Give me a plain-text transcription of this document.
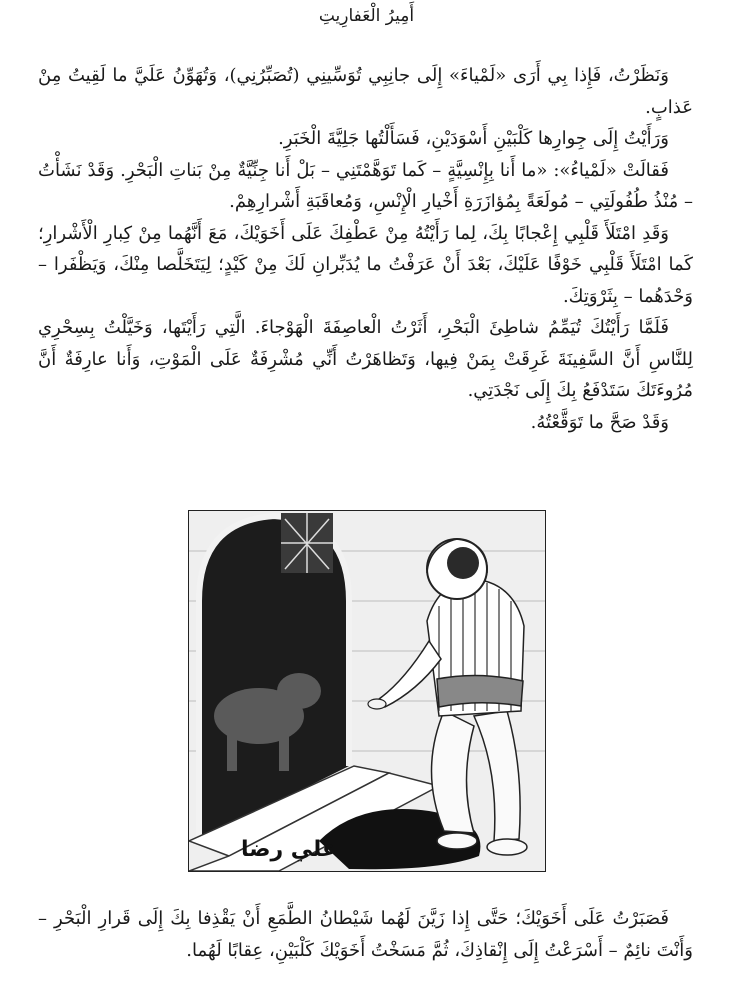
أَمِيرُ الْعَفارِيتِ

وَنَظَرْتُ، فَإِذا بِي أَرَى «لَمْياءَ» إِلَى جانِبِي تُوَسِّينِي (تُصَبِّرُنِي)، وَتُهَوِّنُ عَلَيَّ ما لَقِيتُ مِنْ عَذابٍ.

وَرَأَيْتُ إِلَى جِوارِها كَلْبَيْنِ أَسْوَدَيْنِ، فَسَأَلْتُها جَلِيَّةَ الْخَبَرِ.

فَقالَتْ «لَمْياءُ»: «ما أَنا بِإِنْسِيَّةٍ – كَما تَوَهَّمْتَنِي – بَلْ أَنا جِنِّيَّةٌ مِنْ بَناتِ الْبَحْرِ. وَقَدْ نَشَأْتُ – مُنْذُ طُفُولَتِي – مُولَعَةً بِمُؤازَرَةِ أَخْيارِ الْإِنْسِ، وَمُعاقَبَةِ أَشْرارِهِمْ.

وَقَدِ امْتَلَأَ قَلْبِي إِعْجابًا بِكَ، لِما رَأَيْتُهُ مِنْ عَطْفِكَ عَلَى أَخَوَيْكَ، مَعَ أَنَّهُما مِنْ كِبارِ الْأَشْرارِ؛ كَما امْتَلَأَ قَلْبِي خَوْفًا عَلَيْكَ، بَعْدَ أَنْ عَرَفْتُ ما يُدَبِّرانِ لَكَ مِنْ كَيْدٍ؛ لِيَتَخَلَّصا مِنْكَ، وَيَظْفَرا – وَحْدَهُما – بِثَرْوَتِكَ.

فَلَمَّا رَأَيْتُكَ تُيَمِّمُ شاطِئَ الْبَحْرِ، أَثَرْتُ الْعاصِفَةَ الْهَوْجاءَ. الَّتِي رَأَيْتَها، وَخَيَّلْتُ بِسِحْرِي لِلنَّاسِ أَنَّ السَّفِينَةَ غَرِقَتْ بِمَنْ فِيها، وَتَظاهَرْتُ أَنِّي مُشْرِفَةٌ عَلَى الْمَوْتِ، وَأَنا عارِفَةٌ أَنَّ مُرُوءَتَكَ سَتَدْفَعُ بِكَ إِلَى نَجْدَتِي.

وَقَدْ صَحَّ ما تَوَقَّعْتُهُ.

علي رضا

فَصَبَرْتُ عَلَى أَخَوَيْكَ؛ حَتَّى إِذا زَيَّنَ لَهُما شَيْطانُ الطَّمَعِ أَنْ يَقْذِفا بِكَ إِلَى قَرارِ الْبَحْرِ – وَأَنْتَ نائِمٌ – أَسْرَعْتُ إِلَى إِنْقاذِكَ، ثُمَّ مَسَخْتُ أَخَوَيْكَ كَلْبَيْنِ، عِقابًا لَهُما.
